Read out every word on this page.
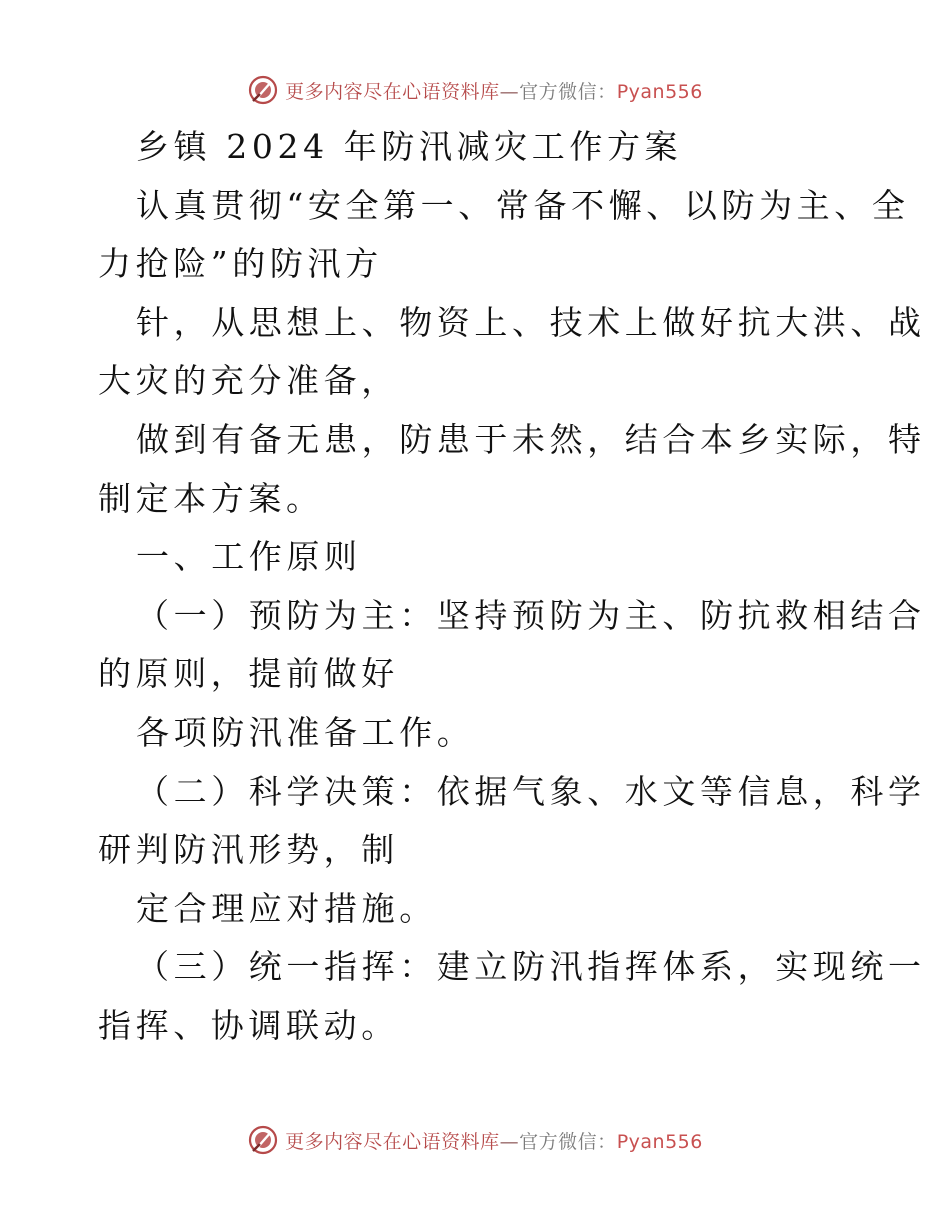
更多内容尽在心语资料库—官方微信：Pyan556

乡镇 2024 年防汛减灾工作方案

认真贯彻“安全第一、常备不懈、以防为主、全

力抢险”的防汛方

针，从思想上、物资上、技术上做好抗大洪、战

大灾的充分准备，

做到有备无患，防患于未然，结合本乡实际，特

制定本方案。

一、工作原则

（一）预防为主：坚持预防为主、防抗救相结合

的原则，提前做好

各项防汛准备工作。

（二）科学决策：依据气象、水文等信息，科学

研判防汛形势，制

定合理应对措施。

（三）统一指挥：建立防汛指挥体系，实现统一

指挥、协调联动。

更多内容尽在心语资料库—官方微信：Pyan556
